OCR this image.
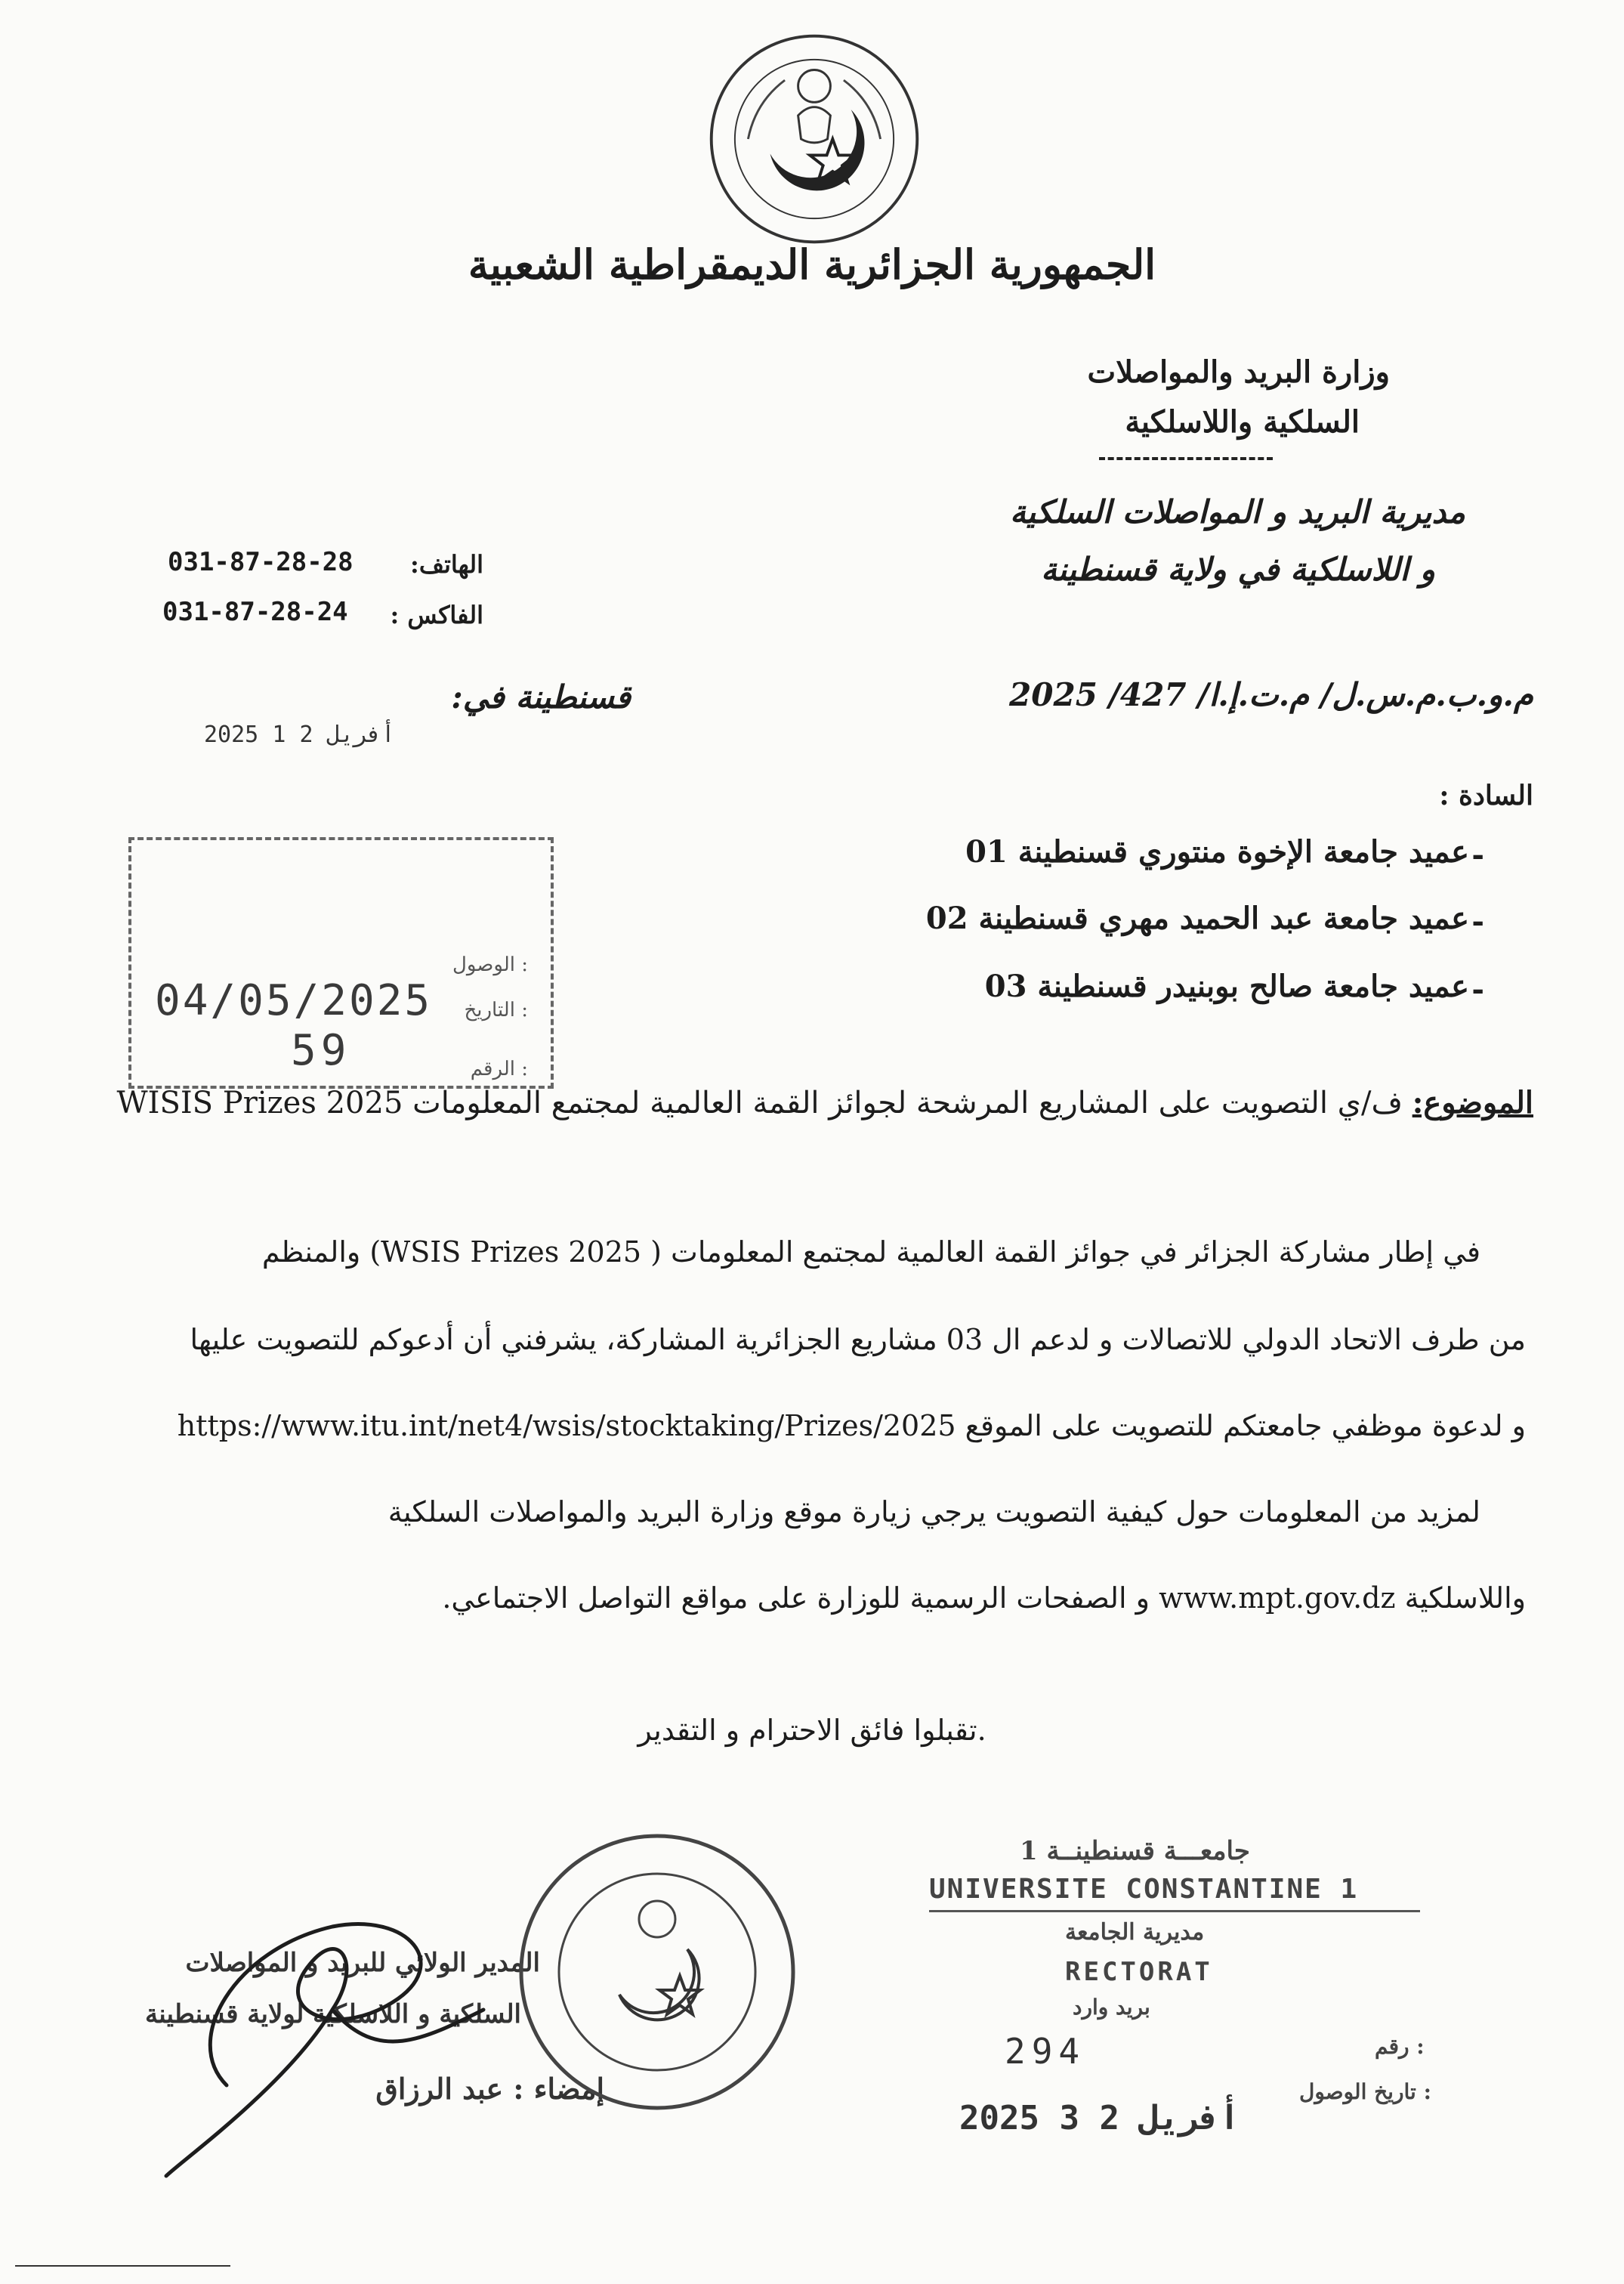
الجمهورية الجزائرية الديمقراطية الشعبية
وزارة البريد والمواصلات
السلكية واللاسلكية
مديرية البريد و المواصلات السلكية
و اللاسلكية في ولاية قسنطينة
الهاتف:
031-87-28-28
الفاكس :
031-87-28-24
م.و.ب.م.س.ل/ م.ت.إ.ا/ 427/ 2025
قسنطينة في:
2025 أفريل 2 1
السادة :
-
عميد جامعة الإخوة منتوري قسنطينة 01
-
عميد جامعة عبد الحميد مهري قسنطينة 02
-
عميد جامعة صالح بوبنيدر قسنطينة 03
الوصول :
التاريخ :
الرقم :
04/05/2025
59
الموضوع: ف/ي التصويت على المشاريع المرشحة لجوائز القمة العالمية لمجتمع المعلومات WISIS Prizes 2025
في إطار مشاركة الجزائر في جوائز القمة العالمية لمجتمع المعلومات ( WSIS Prizes 2025) والمنظم
من طرف الاتحاد الدولي للاتصالات و لدعم ال 03 مشاريع الجزائرية المشاركة، يشرفني أن أدعوكم للتصويت عليها
و لدعوة موظفي جامعتكم للتصويت على الموقع https://www.itu.int/net4/wsis/stocktaking/Prizes/2025
لمزيد من المعلومات حول كيفية التصويت يرجي زيارة موقع وزارة البريد والمواصلات السلكية
واللاسلكية www.mpt.gov.dz و الصفحات الرسمية للوزارة على مواقع التواصل الاجتماعي.
تقبلوا فائق الاحترام و التقدير.
المدير الولائي للبريد و المواصلات
السلكية و اللاسلكية لولاية قسنطينة
إمضاء : عبد الرزاق
جامعـــة قسنطينــة 1
UNIVERSITE CONSTANTINE 1
مديرية الجامعة
RECTORAT
بريد وارد
رقم :
294
تاريخ الوصول :
2025 أفريل 2 3
